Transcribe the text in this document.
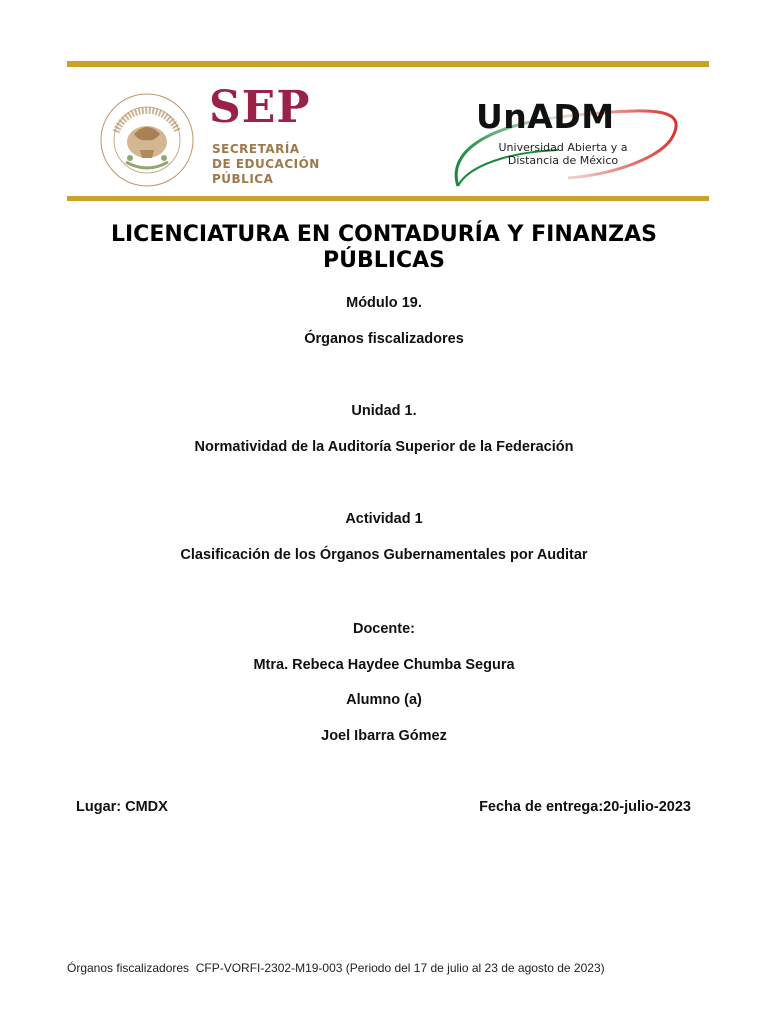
SEP
SECRETARÍA
DE EDUCACIÓN
PÚBLICA
UnADM
Universidad Abierta y a
Distancia de México
LICENCIATURA EN CONTADURÍA Y FINANZAS PÚBLICAS
Módulo 19.
Órganos fiscalizadores
Unidad 1.
Normatividad de la Auditoría Superior de la Federación
Actividad 1
Clasificación de los Órganos Gubernamentales por Auditar
Docente:
Mtra. Rebeca Haydee Chumba Segura
Alumno (a)
Joel Ibarra Gómez
Lugar: CMDX	Fecha de entrega:20-julio-2023
Órganos fiscalizadores  CFP-VORFI-2302-M19-003 (Periodo del 17 de julio al 23 de agosto de 2023)
